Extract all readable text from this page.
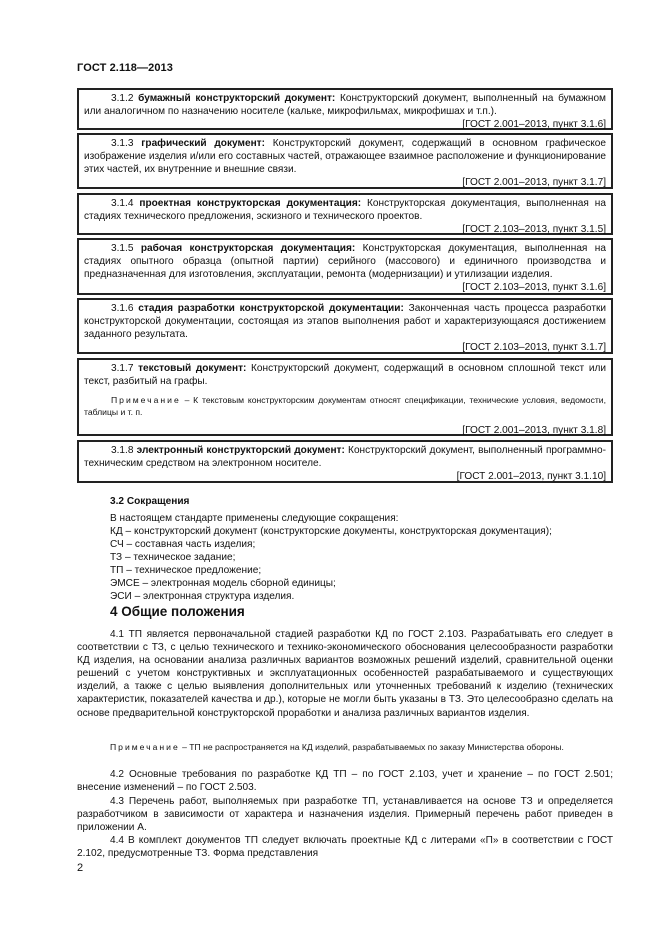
ГОСТ 2.118—2013

3.1.2 бумажный конструкторский документ: Конструкторский документ, выполненный на бумажном или аналогичном по назначению носителе (кальке, микрофильмах, микрофишах и т.п.).

[ГОСТ 2.001–2013, пункт 3.1.6]

3.1.3 графический документ: Конструкторский документ, содержащий в основном графическое изображение изделия и/или его составных частей, отражающее взаимное расположение и функционирование этих частей, их внутренние и внешние связи.

[ГОСТ 2.001–2013, пункт 3.1.7]

3.1.4 проектная конструкторская документация: Конструкторская документация, выполненная на стадиях технического предложения, эскизного и технического проектов.

[ГОСТ 2.103–2013, пункт 3.1.5]

3.1.5 рабочая конструкторская документация: Конструкторская документация, выполненная на стадиях опытного образца (опытной партии) серийного (массового) и единичного производства и предназначенная для изготовления, эксплуатации, ремонта (модернизации) и утилизации изделия.

[ГОСТ 2.103–2013, пункт 3.1.6]

3.1.6 стадия разработки конструкторской документации: Законченная часть процесса разработки конструкторской документации, состоящая из этапов выполнения работ и характеризующаяся достижением заданного результата.

[ГОСТ 2.103–2013, пункт 3.1.7]

3.1.7 текстовый документ: Конструкторский документ, содержащий в основном сплошной текст или текст, разбитый на графы.

Примечание – К текстовым конструкторским документам относят спецификации, технические условия, ведомости, таблицы и т. п.

[ГОСТ 2.001–2013, пункт 3.1.8]

3.1.8 электронный конструкторский документ: Конструкторский документ, выполненный программно-техническим средством на электронном носителе.

[ГОСТ 2.001–2013, пункт 3.1.10]

3.2 Сокращения
В настоящем стандарте применены следующие сокращения:
КД – конструкторский документ (конструкторские документы, конструкторская документация);
СЧ – составная часть изделия;
ТЗ – техническое задание;
ТП – техническое предложение;
ЭМСЕ – электронная модель сборной единицы;
ЭСИ – электронная структура изделия.
4 Общие положения

4.1 ТП является первоначальной стадией разработки КД по ГОСТ 2.103. Разрабатывать его следует в соответствии с ТЗ, с целью технического и технико-экономического обоснования целесообразности разработки КД изделия, на основании анализа различных вариантов возможных решений изделий, сравнительной оценки решений с учетом конструктивных и эксплуатационных особенностей разрабатываемого и существующих изделий, а также с целью выявления дополнительных или уточненных требований к изделию (технических характеристик, показателей качества и др.), которые не могли быть указаны в ТЗ. Это целесообразно сделать на основе предварительной конструкторской проработки и анализа различных вариантов изделия.

Примечание – ТП не распространяется на КД изделий, разрабатываемых по заказу Министерства обороны.

4.2 Основные требования по разработке КД ТП – по ГОСТ 2.103, учет и хранение – по ГОСТ 2.501; внесение изменений – по ГОСТ 2.503.

4.3 Перечень работ, выполняемых при разработке ТП, устанавливается на основе ТЗ и определяется разработчиком в зависимости от характера и назначения изделия. Примерный перечень работ приведен в приложении А.

4.4 В комплект документов ТП следует включать проектные КД с литерами «П» в соответствии с ГОСТ 2.102, предусмотренные ТЗ. Форма представления

2
